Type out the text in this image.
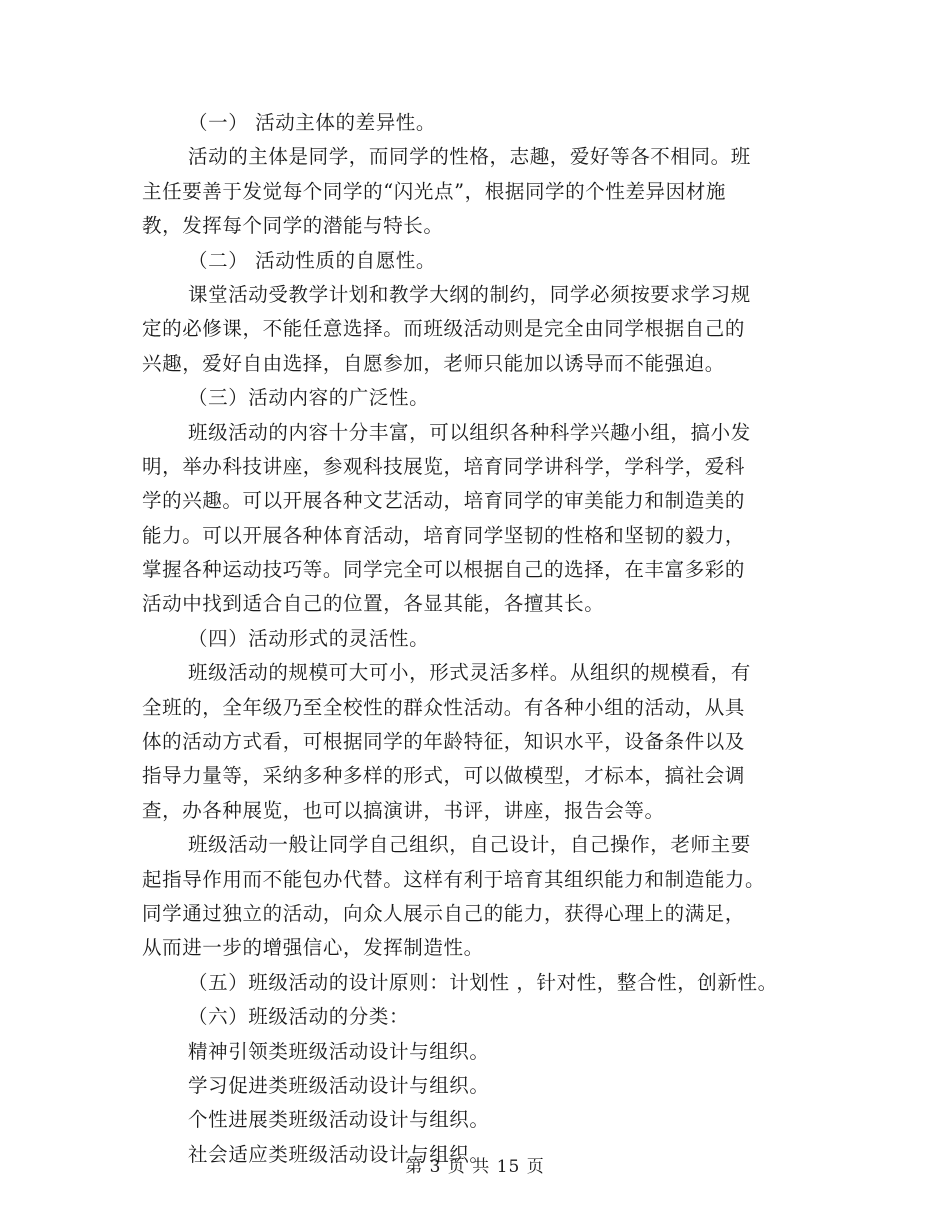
（一） 活动主体的差异性。
活动的主体是同学，而同学的性格，志趣，爱好等各不相同。班
主任要善于发觉每个同学的“闪光点”，根据同学的个性差异因材施
教，发挥每个同学的潜能与特长。
（二） 活动性质的自愿性。
课堂活动受教学计划和教学大纲的制约，同学必须按要求学习规
定的必修课，不能任意选择。而班级活动则是完全由同学根据自己的
兴趣，爱好自由选择，自愿参加，老师只能加以诱导而不能强迫。
（三）活动内容的广泛性。
班级活动的内容十分丰富，可以组织各种科学兴趣小组，搞小发
明，举办科技讲座，参观科技展览，培育同学讲科学，学科学，爱科
学的兴趣。可以开展各种文艺活动，培育同学的审美能力和制造美的
能力。可以开展各种体育活动，培育同学坚韧的性格和坚韧的毅力，
掌握各种运动技巧等。同学完全可以根据自己的选择，在丰富多彩的
活动中找到适合自己的位置，各显其能，各擅其长。
（四）活动形式的灵活性。
班级活动的规模可大可小，形式灵活多样。从组织的规模看，有
全班的，全年级乃至全校性的群众性活动。有各种小组的活动，从具
体的活动方式看，可根据同学的年龄特征，知识水平，设备条件以及
指导力量等，采纳多种多样的形式，可以做模型，才标本，搞社会调
查，办各种展览，也可以搞演讲，书评，讲座，报告会等。
班级活动一般让同学自己组织，自己设计，自己操作，老师主要
起指导作用而不能包办代替。这样有利于培育其组织能力和制造能力。
同学通过独立的活动，向众人展示自己的能力，获得心理上的满足，
从而进一步的增强信心，发挥制造性。
（五）班级活动的设计原则：计划性 ，针对性，整合性，创新性。
（六）班级活动的分类：
精神引领类班级活动设计与组织。
学习促进类班级活动设计与组织。
个性进展类班级活动设计与组织。
社会适应类班级活动设计与组织。
第 3 页 共 15 页
